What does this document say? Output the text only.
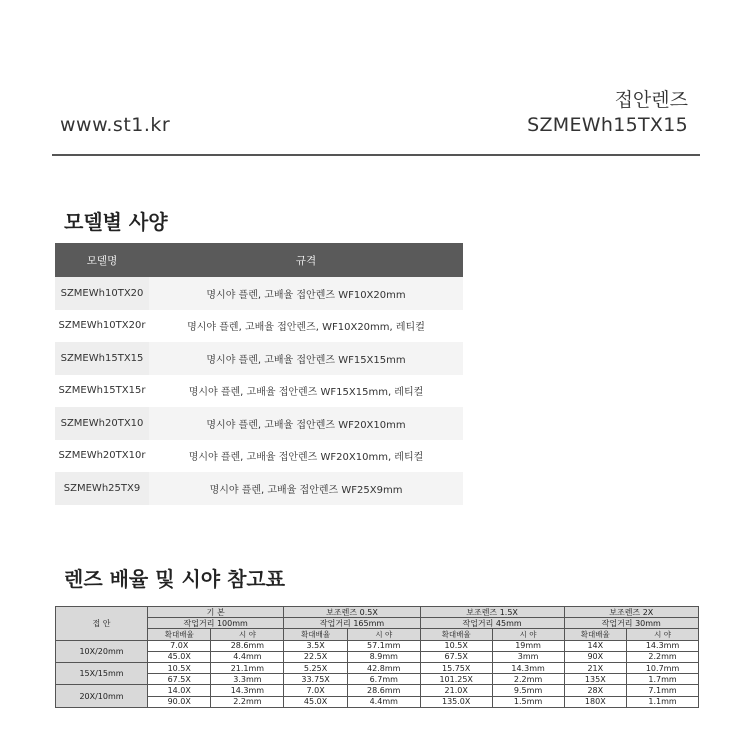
www.st1.kr
접안렌즈
SZMEWh15TX15
모델별 사양
모델명	규격
SZMEWh10TX20	명시야 플렌, 고배율 접안렌즈 WF10X20mm
SZMEWh10TX20r	명시야 플렌, 고배율 접안렌즈, WF10X20mm, 레티컬
SZMEWh15TX15	명시야 플렌, 고배율 접안렌즈 WF15X15mm
SZMEWh15TX15r	명시야 플렌, 고배율 접안렌즈 WF15X15mm, 레티컬
SZMEWh20TX10	명시야 플렌, 고배율 접안렌즈 WF20X10mm
SZMEWh20TX10r	명시야 플렌, 고배율 접안렌즈 WF20X10mm, 레티컬
SZMEWh25TX9	명시야 플렌, 고배율 접안렌즈 WF25X9mm
렌즈 배율 및 시야 참고표
접 안	기 본		보조렌즈 0.5X		보조렌즈 1.5X		보조렌즈 2X	
	작업거리 100mm		작업거리 165mm		작업거리 45mm		작업거리 30mm	
	확대배율	시 야	확대배율	시 야	확대배율	시 야	확대배율	시 야
10X/20mm	7.0X	28.6mm	3.5X	57.1mm	10.5X	19mm	14X	14.3mm
	45.0X	4.4mm	22.5X	8.9mm	67.5X	3mm	90X	2.2mm
15X/15mm	10.5X	21.1mm	5.25X	42.8mm	15.75X	14.3mm	21X	10.7mm
	67.5X	3.3mm	33.75X	6.7mm	101.25X	2.2mm	135X	1.7mm
20X/10mm	14.0X	14.3mm	7.0X	28.6mm	21.0X	9.5mm	28X	7.1mm
	90.0X	2.2mm	45.0X	4.4mm	135.0X	1.5mm	180X	1.1mm
